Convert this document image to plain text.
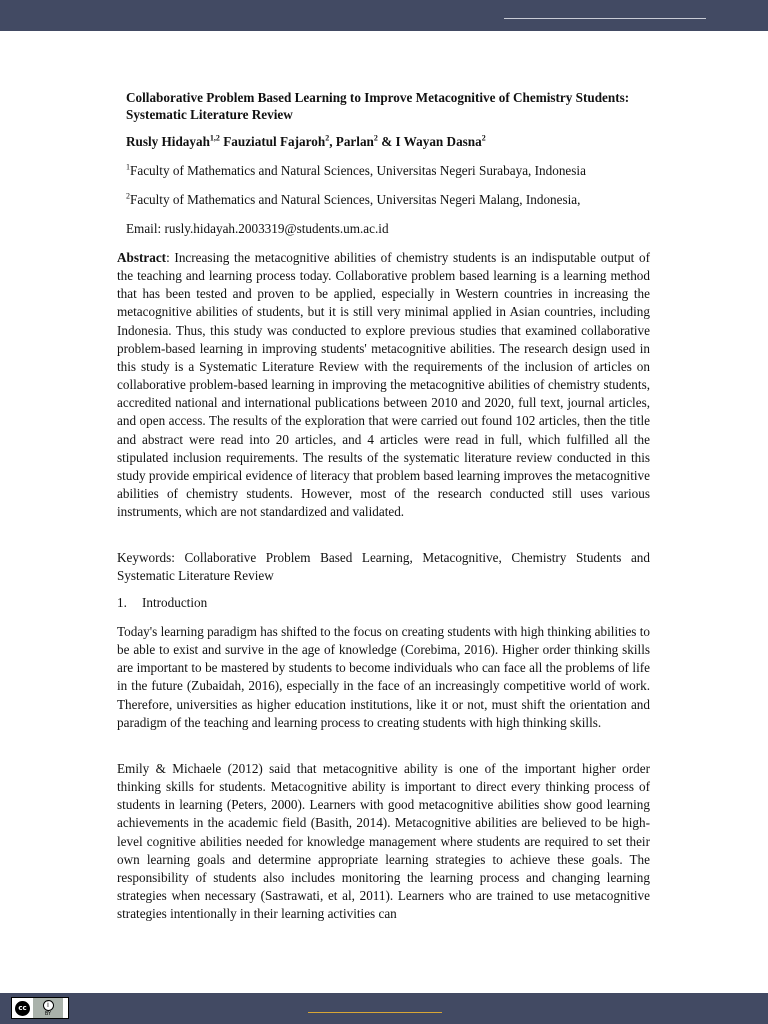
Collaborative Problem Based Learning to Improve Metacognitive of Chemistry Students: Systematic Literature Review

Rusly Hidayah$^{1,2}$ Fauziatul Fajaroh$^2$, Parlan$^2$ & I Wayan Dasna$^2$

$^1$Faculty of Mathematics and Natural Sciences, Universitas Negeri Surabaya, Indonesia

$^2$Faculty of Mathematics and Natural Sciences, Universitas Negeri Malang, Indonesia,

Email: rusly.hidayah.2003319@students.um.ac.id

Abstract: Increasing the metacognitive abilities of chemistry students is an indisputable output of the teaching and learning process today. Collaborative problem based learning is a learning method that has been tested and proven to be applied, especially in Western countries in increasing the metacognitive abilities of students, but it is still very minimal applied in Asian countries, including Indonesia. Thus, this study was conducted to explore previous studies that examined collaborative problem-based learning in improving students' metacognitive abilities. The research design used in this study is a Systematic Literature Review with the requirements of the inclusion of articles on collaborative problem-based learning in improving the metacognitive abilities of chemistry students, accredited national and international publications between 2010 and 2020, full text, journal articles, and open access. The results of the exploration that were carried out found 102 articles, then the title and abstract were read into 20 articles, and 4 articles were read in full, which fulfilled all the stipulated inclusion requirements. The results of the systematic literature review conducted in this study provide empirical evidence of literacy that problem based learning improves the metacognitive abilities of chemistry students. However, most of the research conducted still uses various instruments, which are not standardized and validated.

Keywords: Collaborative Problem Based Learning, Metacognitive, Chemistry Students and Systematic Literature Review

1. Introduction

Today's learning paradigm has shifted to the focus on creating students with high thinking abilities to be able to exist and survive in the age of knowledge (Corebima, 2016). Higher order thinking skills are important to be mastered by students to become individuals who can face all the problems of life in the future (Zubaidah, 2016), especially in the face of an increasingly competitive world of work. Therefore, universities as higher education institutions, like it or not, must shift the orientation and paradigm of the teaching and learning process to creating students with high thinking skills.

Emily & Michaele (2012) said that metacognitive ability is one of the important higher order thinking skills for students. Metacognitive ability is important to direct every thinking process of students in learning (Peters, 2000). Learners with good metacognitive abilities show good learning achievements in the academic field (Basith, 2014). Metacognitive abilities are believed to be high-level cognitive abilities needed for knowledge management where students are required to set their own learning goals and determine appropriate learning strategies to achieve these goals. The responsibility of students also includes monitoring the learning process and changing learning strategies when necessary (Sastrawati, et al, 2011). Learners who are trained to use metacognitive strategies intentionally in their learning activities can

cc	i
BY
